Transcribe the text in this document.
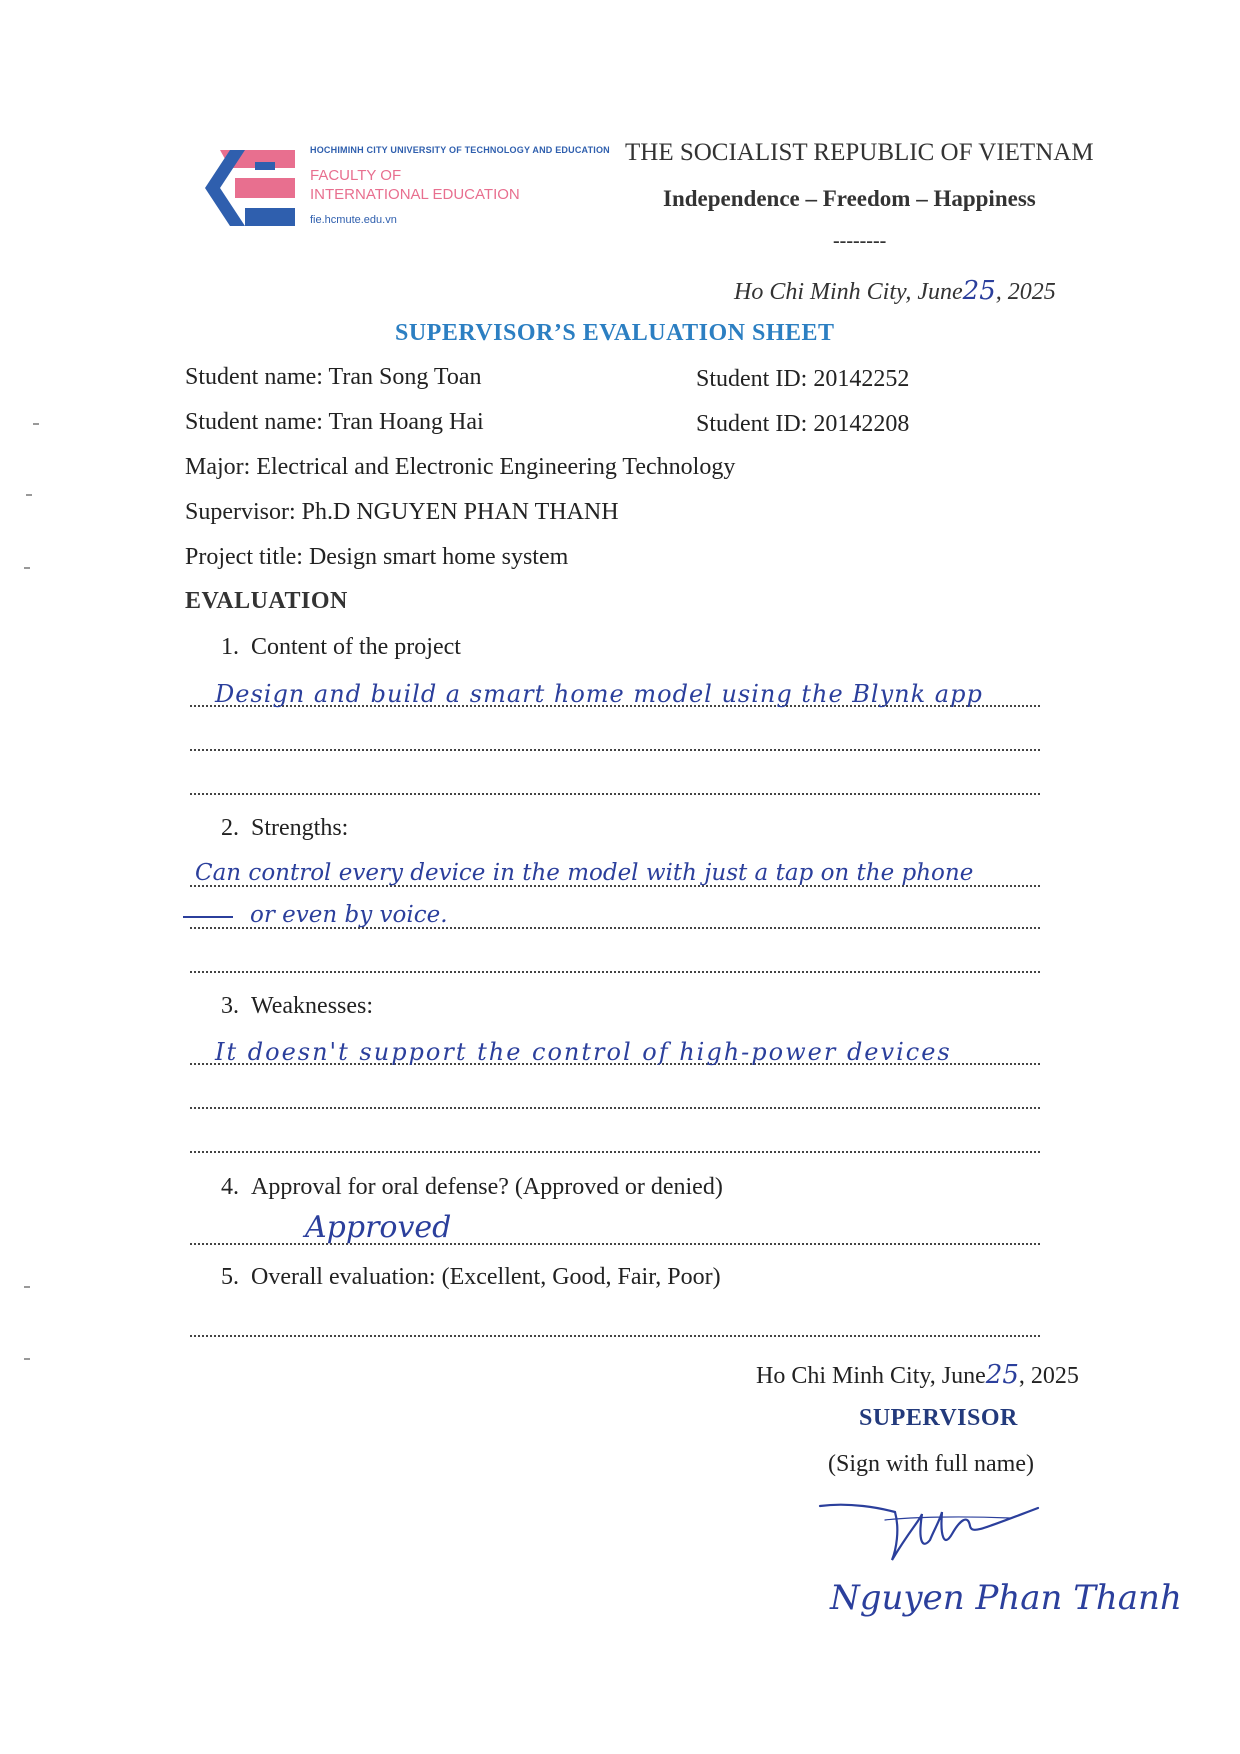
HOCHIMINH CITY UNIVERSITY OF TECHNOLOGY AND EDUCATION
FACULTY OF
INTERNATIONAL EDUCATION
fie.hcmute.edu.vn
THE SOCIALIST REPUBLIC OF VIETNAM
Independence – Freedom – Happiness
--------
Ho Chi Minh City, June25, 2025
SUPERVISOR’S EVALUATION SHEET
Student name: Tran Song Toan	Student ID: 20142252
Student name: Tran Hoang Hai	Student ID: 20142208
Major: Electrical and Electronic Engineering Technology
Supervisor: Ph.D NGUYEN PHAN THANH
Project title: Design smart home system
EVALUATION
1. Content of the project
Design and build a smart home model using the Blynk app
2. Strengths:
Can control every device in the model with just a tap on the phone
or even by voice.
3. Weaknesses:
It doesn't support the control of high-power devices
4. Approval for oral defense? (Approved or denied)
Approved
5. Overall evaluation: (Excellent, Good, Fair, Poor)
Ho Chi Minh City, June25, 2025
SUPERVISOR
(Sign with full name)
Nguyen Phan Thanh
